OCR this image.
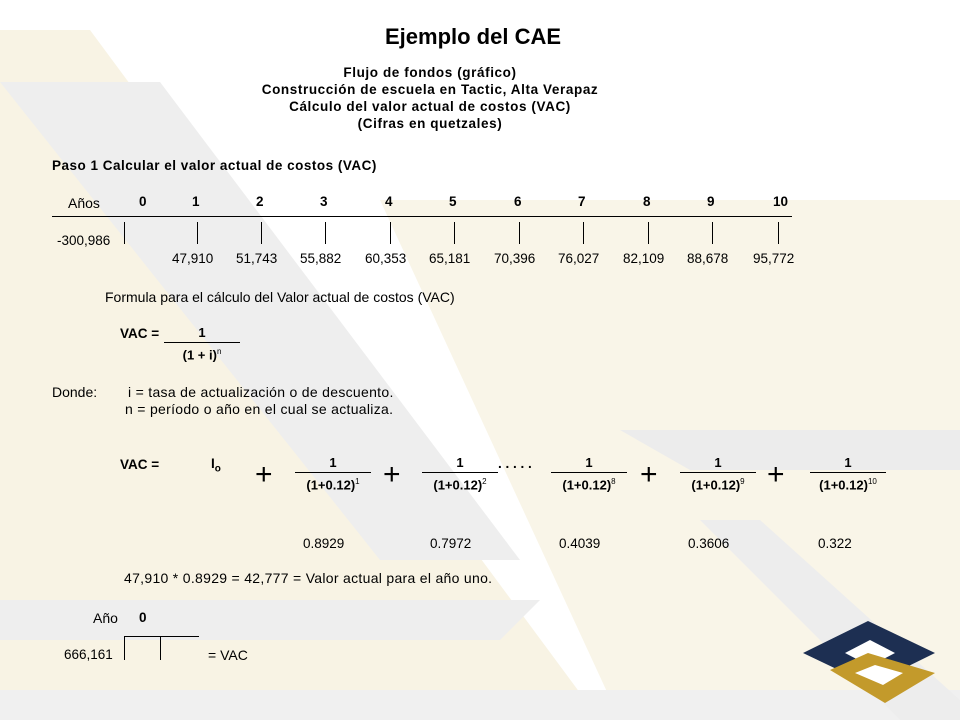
Ejemplo del CAE
Flujo de fondos (gráfico)
Construcción de escuela en Tactic, Alta Verapaz
Cálculo del valor actual de costos (VAC)
(Cifras en quetzales)
Paso 1 Calcular el valor actual de costos (VAC)
Años	0	1	2	3	4	5	6	7	8	9	10
-300,986
47,910 51,743 55,882 60,353 65,181 70,396 76,027 82,109 88,678 95,772
Formula para el cálculo del Valor actual de costos (VAC)
VAC =	1
$(1 + i)^n$
Donde: i = tasa de actualización o de descuento.
n = período o año en el cual se actualiza.
VAC =	$I_o$ +	+	+	+
. . . . .
1
$(1+0.12)^1$
1
$(1+0.12)^2$
1
$(1+0.12)^8$
1
$(1+0.12)^9$
1
$(1+0.12)^{10}$
0.8929	0.7972	0.4039	0.3606	0.322
47,910 * 0.8929 = 42,777 = Valor actual para el año uno.
Año 0
666,161	= VAC
